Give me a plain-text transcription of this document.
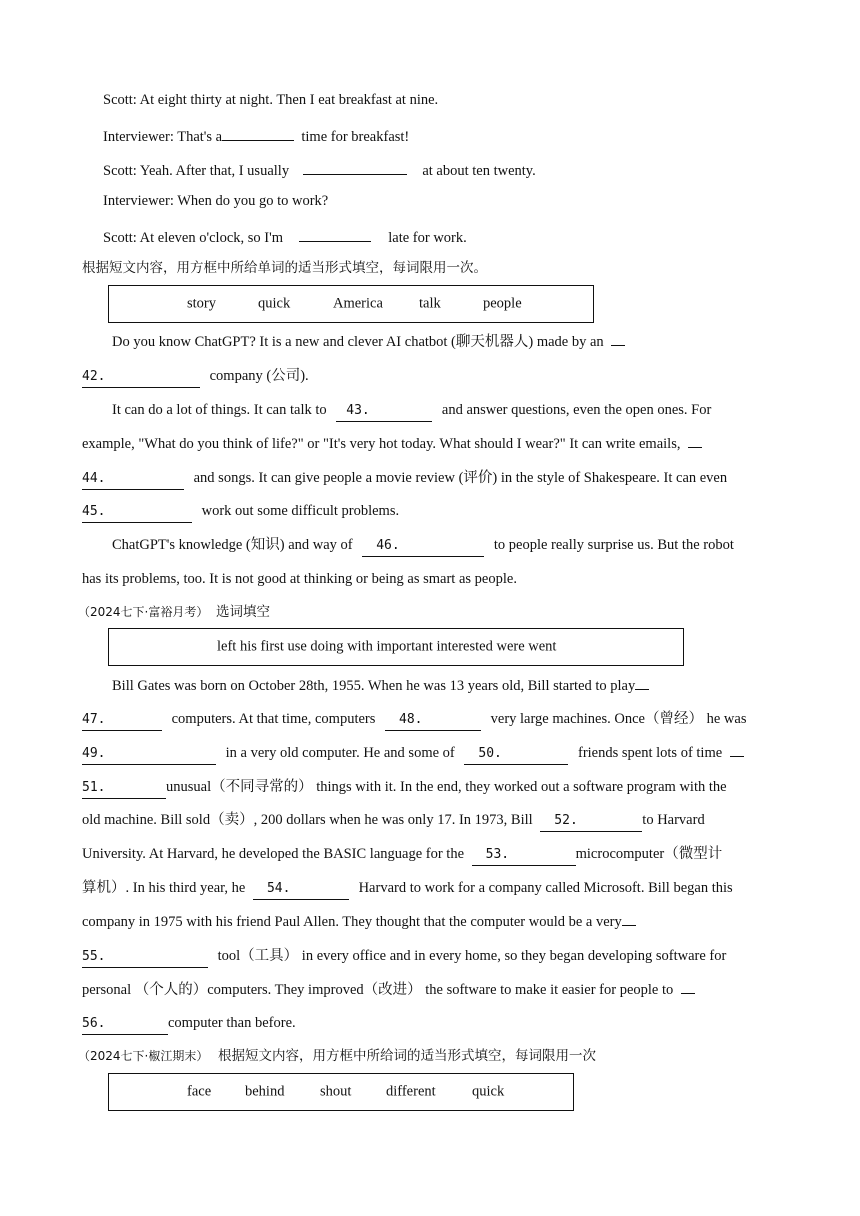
Scott: At eight thirty at night. Then I eat breakfast at nine.
Interviewer: That's a	time for breakfast!
Scott: Yeah. After that, I usually	at about ten twenty.
Interviewer: When do you go to work?
Scott: At eleven o'clock, so I'm	late for work.
根据短文内容，用方框中所给单词的适当形式填空，每词限用一次。
story	quick	America talk	people
Do you know ChatGPT? It is a new and clever AI chatbot (聊天机器人) made by an
42.	company (公司).
It can do a lot of things. It can talk to 43.	and answer questions, even the open ones. For
example, "What do you think of life?" or "It's very hot today. What should I wear?" It can write emails,
44.	and songs. It can give people a movie review (评价) in the style of Shakespeare. It can even
45.	work out some difficult problems.
ChatGPT's knowledge (知识) and way of 46.	to people really surprise us. But the robot
has its problems, too. It is not good at thinking or being as smart as people.
（2024七下·富裕月考） 选词填空
left his first use doing with important interested were went
Bill Gates was born on October 28th, 1955. When he was 13 years old, Bill started to play
47.	computers. At that time, computers 48.	very large machines. Once（曾经） he was
49.	in a very old computer. He and some of 50.	friends spent lots of time
51.	unusual（不同寻常的） things with it. In the end, they worked out a software program with the
old machine. Bill sold（卖）, 200 dollars when he was only 17. In 1973, Bill 52.	to Harvard
University. At Harvard, he developed the BASIC language for the 53.	microcomputer（微型计
算机）. In his third year, he 54.	Harvard to work for a company called Microsoft. Bill began this
company in 1975 with his friend Paul Allen. They thought that the computer would be a very
55.	tool（工具） in every office and in every home, so they began developing software for
personal （个人的）computers. They improved（改进） the software to make it easier for people to
56.	computer than before.
（2024七下·椒江期末） 根据短文内容，用方框中所给词的适当形式填空，每词限用一次
face behind shout different	quick
